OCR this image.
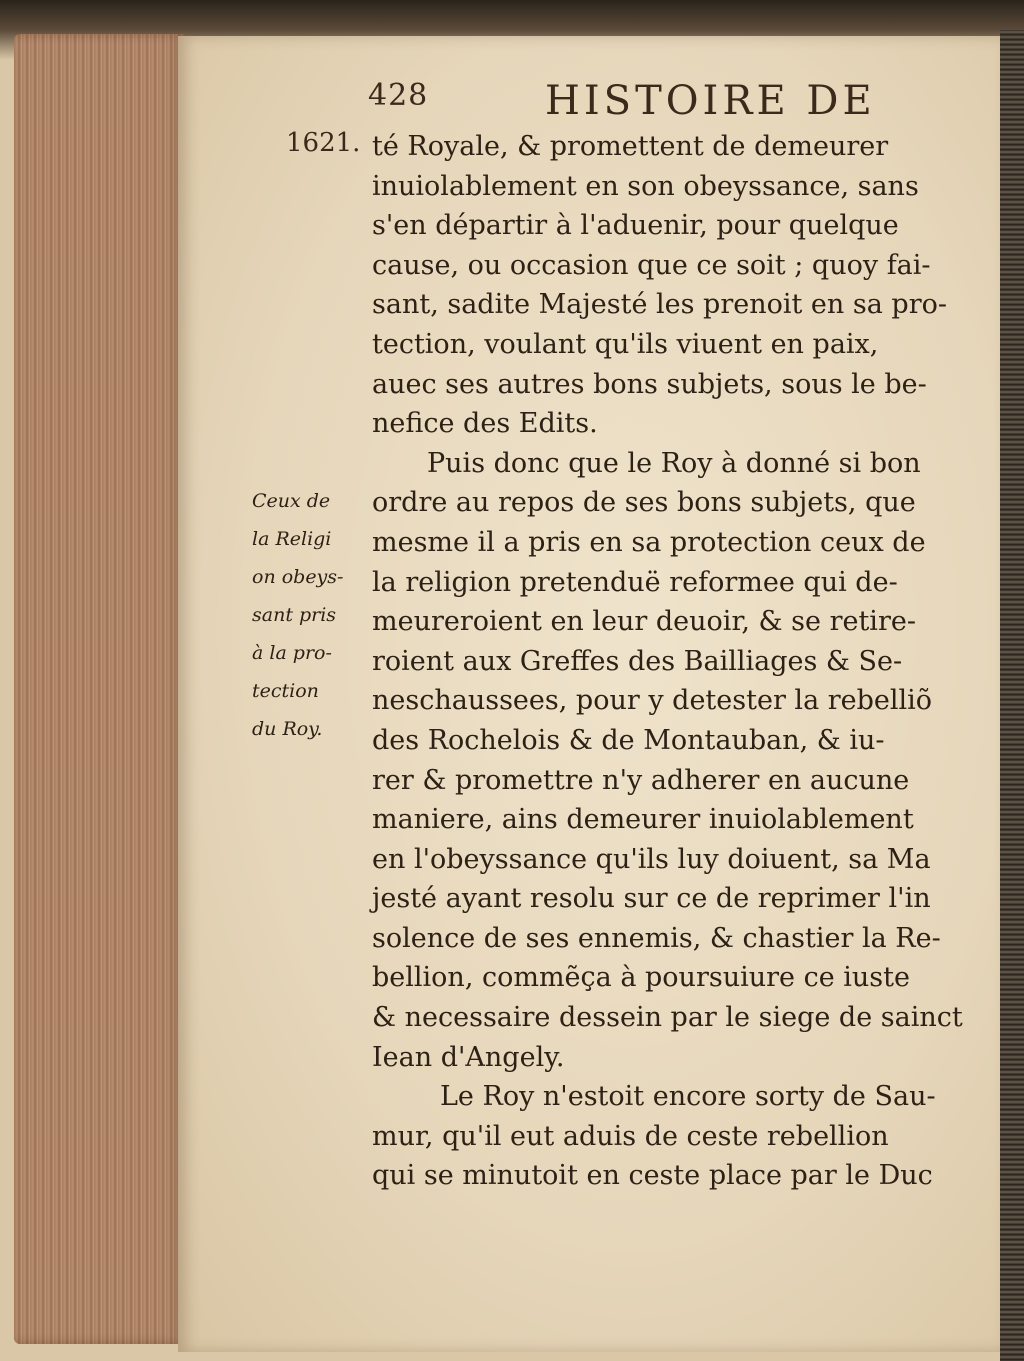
428	HISTOIRE DE
1621.
Ceux de
la Religi
on obeys-
sant pris
à la pro-
tection
du Roy.
té Royale, & promettent de demeurer
inuiolablement en son obeyssance, sans
s'en départir à l'aduenir, pour quelque
cause, ou occasion que ce soit ; quoy fai-
sant, sadite Majesté les prenoit en sa pro-
tection, voulant qu'ils viuent en paix,
auec ses autres bons subjets, sous le be-
nefice des Edits.
Puis donc que le Roy à donné si bon
ordre au repos de ses bons subjets, que
mesme il a pris en sa protection ceux de
la religion pretenduë reformee qui de-
meureroient en leur deuoir, & se retire-
roient aux Greffes des Bailliages & Se-
neschaussees, pour y detester la rebelliõ
des Rochelois & de Montauban, & iu-
rer & promettre n'y adherer en aucune
maniere, ains demeurer inuiolablement
en l'obeyssance qu'ils luy doiuent, sa Ma
jesté ayant resolu sur ce de reprimer l'in
solence de ses ennemis, & chastier la Re-
bellion, commẽça à poursuiure ce iuste
& necessaire dessein par le siege de sainct
Iean d'Angely.
Le Roy n'estoit encore sorty de Sau-
mur, qu'il eut aduis de ceste rebellion
qui se minutoit en ceste place par le Duc
